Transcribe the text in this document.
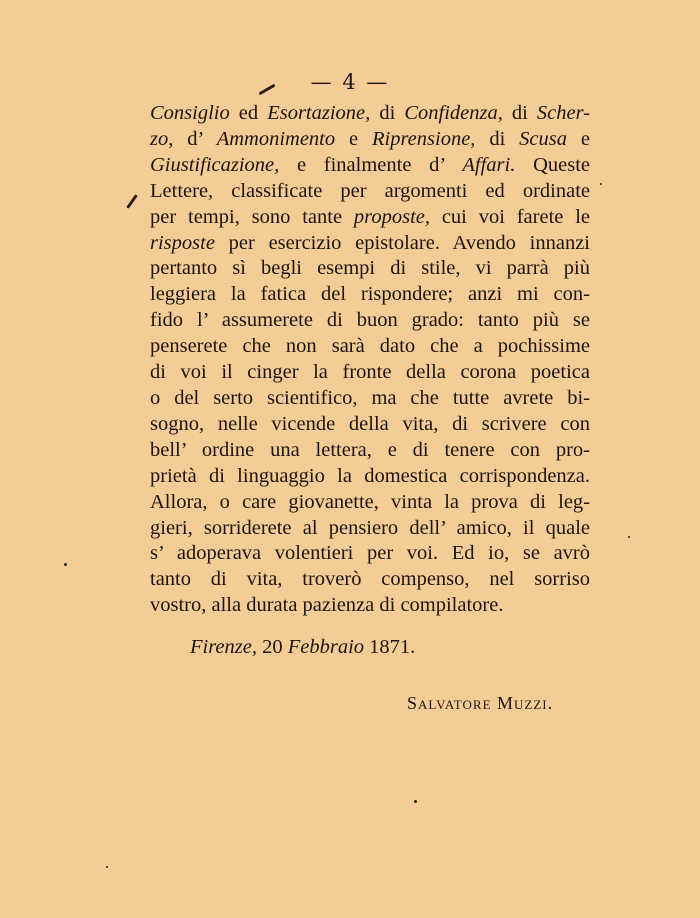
— 4 —
Consiglio ed Esortazione, di Confidenza, di Scher-
zo, d’ Ammonimento e Riprensione, di Scusa e
Giustificazione, e finalmente d’ Affari. Queste
Lettere, classificate per argomenti ed ordinate
per tempi, sono tante proposte, cui voi farete le
risposte per esercizio epistolare. Avendo innanzi
pertanto sì begli esempi di stile, vi parrà più
leggiera la fatica del rispondere; anzi mi con-
fido l’ assumerete di buon grado: tanto più se
penserete che non sarà dato che a pochissime
di voi il cinger la fronte della corona poetica
o del serto scientifico, ma che tutte avrete bi-
sogno, nelle vicende della vita, di scrivere con
bell’ ordine una lettera, e di tenere con pro-
prietà di linguaggio la domestica corrispondenza.
Allora, o care giovanette, vinta la prova di leg-
gieri, sorriderete al pensiero dell’ amico, il quale
s’ adoperava volentieri per voi. Ed io, se avrò
tanto di vita, troverò compenso, nel sorriso
vostro, alla durata pazienza di compilatore.
Firenze, 20 Febbraio 1871.
Salvatore Muzzi.
